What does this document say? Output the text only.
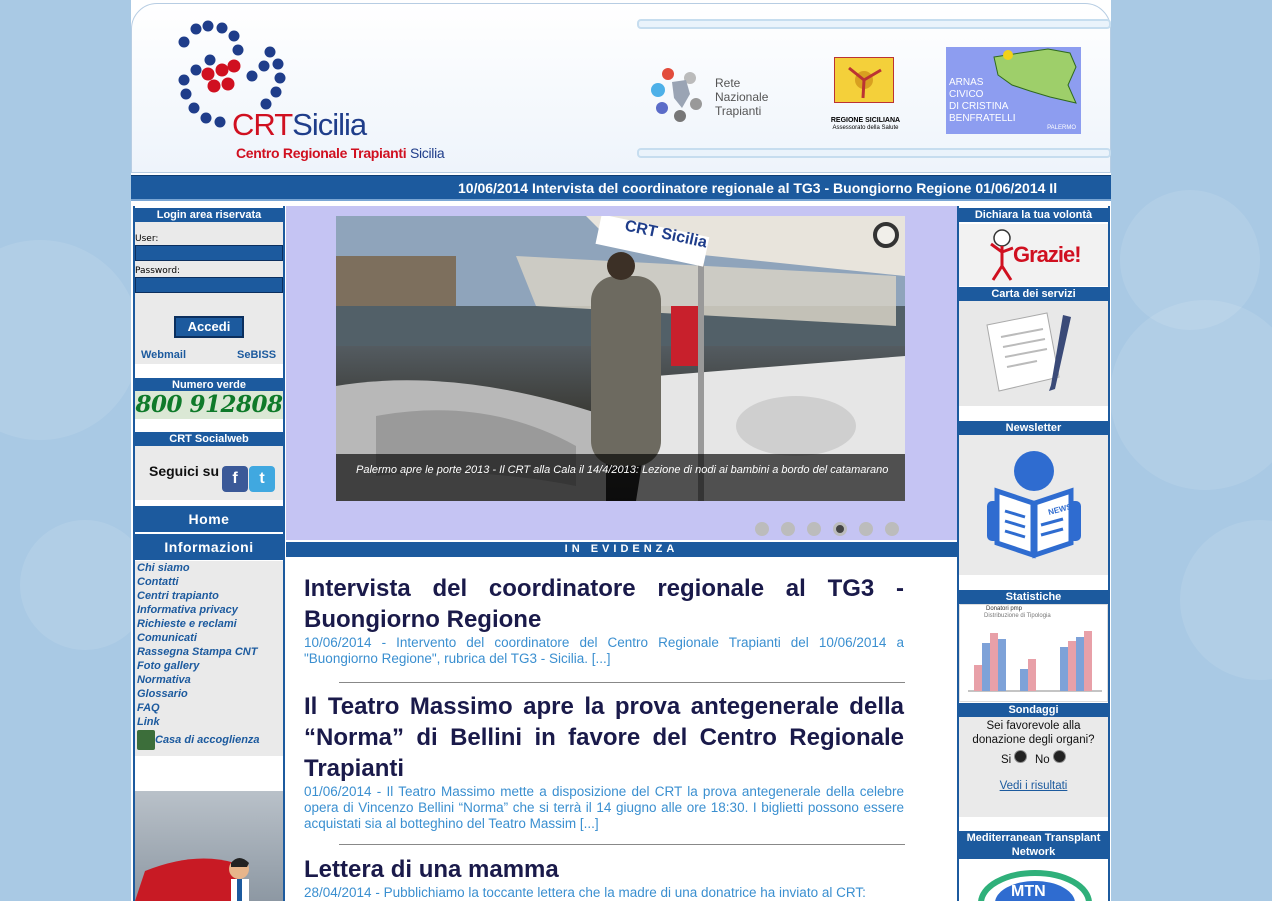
CRTSicilia
Centro Regionale Trapianti Sicilia
Rete
Nazionale
Trapianti
REGIONE SICILIANA
Assessorato della Salute
ARNAS
CIVICO
DI CRISTINA
BENFRATELLI
PALERMO
10/06/2014 Intervista del coordinatore regionale al TG3 - Buongiorno Regione 01/06/2014 Il
Login area riservata
User:
Password:
Accedi
Webmail	SeBISS
Numero verde
800 912808
CRT Socialweb
Seguici su f	t
Home
Informazioni
Chi siamo
Contatti
Centri trapianto
Informativa privacy
Richieste e reclami
Comunicati
Rassegna Stampa CNT
Foto gallery
Normativa
Glossario
FAQ
Link
Casa di accoglienza
CRT Sicilia
Palermo apre le porte 2013 - Il CRT alla Cala il 14/4/2013: Lezione di nodi ai bambini a bordo del catamarano
IN EVIDENZA

Intervista del coordinatore regionale al TG3 - Buongiorno Regione

10/06/2014 - Intervento del coordinatore del Centro Regionale Trapianti del 10/06/2014 a "Buongiorno Regione", rubrica del TG3 - Sicilia. [...]

Il Teatro Massimo apre la prova antegenerale della “Norma” di Bellini in favore del Centro Regionale Trapianti

01/06/2014 - Il Teatro Massimo mette a disposizione del CRT la prova antegenerale della celebre opera di Vincenzo Bellini “Norma” che si terrà il 14 giugno alle ore 18:30. I biglietti possono essere acquistati sia al botteghino del Teatro Massim [...]

Lettera di una mamma

28/04/2014 - Pubblichiamo la toccante lettera che la madre di una donatrice ha inviato al CRT:

Dichiara la tua volontà
Grazie!
Carta dei servizi
Newsletter
NEWS
Statistiche
Donatori pmp
Distribuzione di Tipologia
Sondaggi
Sei favorevole alla donazione degli organi?
Si	No
Vedi i risultati
Mediterranean Transplant Network
MTN
